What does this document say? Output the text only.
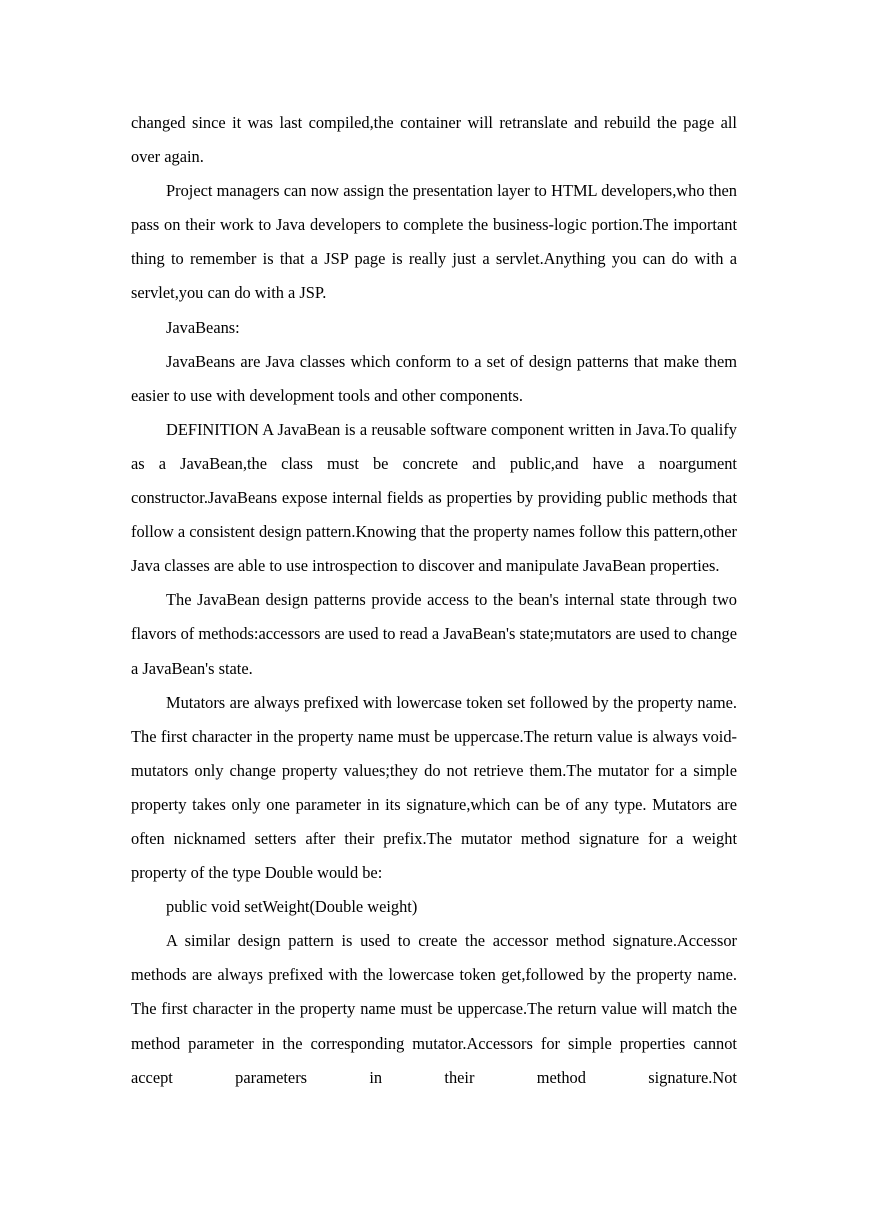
changed since it was last compiled,the container will retranslate and rebuild the page all over again.

Project managers can now assign the presentation layer to HTML developers,who then pass on their work to Java developers to complete the business-logic portion.The important thing to remember is that a JSP page is really just a servlet.Anything you can do with a servlet,you can do with a JSP.

JavaBeans:

JavaBeans are Java classes which conform to a set of design patterns that make them easier to use with development tools and other components.

DEFINITION A JavaBean is a reusable software component written in Java.To qualify as a JavaBean,the class must be concrete and public,and have a noargument constructor.JavaBeans expose internal fields as properties by providing public methods that follow a consistent design pattern.Knowing that the property names follow this pattern,other Java classes are able to use introspection to discover and manipulate JavaBean properties.

The JavaBean design patterns provide access to the bean's internal state through two flavors of methods:accessors are used to read a JavaBean's state;mutators are used to change a JavaBean's state.

Mutators are always prefixed with lowercase token set followed by the property name. The first character in the property name must be uppercase.The return value is always void-mutators only change property values;they do not retrieve them.The mutator for a simple property takes only one parameter in its signature,which can be of any type. Mutators are often nicknamed setters after their prefix.The mutator method signature for a weight property of the type Double would be:

public void setWeight(Double weight)

A similar design pattern is used to create the accessor method signature.Accessor methods are always prefixed with the lowercase token get,followed by the property name. The first character in the property name must be uppercase.The return value will match the method parameter in the corresponding mutator.Accessors for simple properties cannot accept parameters in their method signature.Not
